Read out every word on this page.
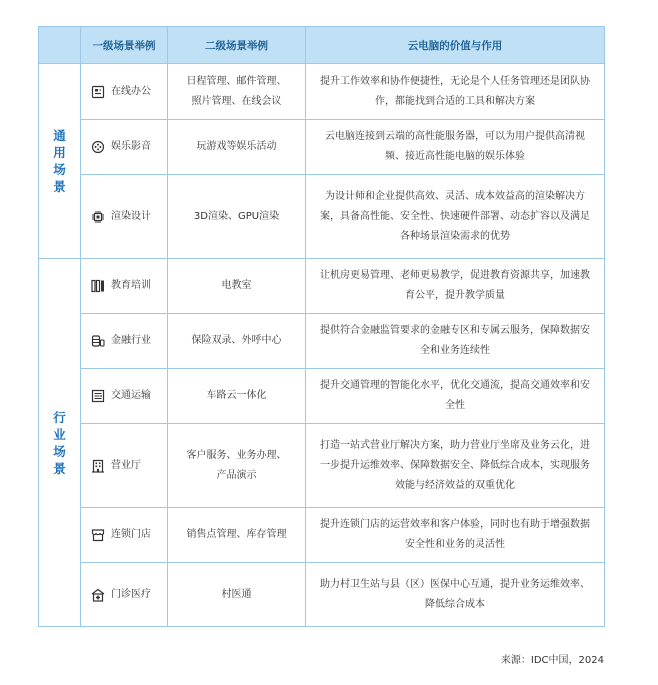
	一级场景举例	二级场景举例	云电脑的价值与作用
通用场景	在线办公	日程管理、邮件管理、照片管理、在线会议	提升工作效率和协作便捷性，无论是个人任务管理还是团队协作，都能找到合适的工具和解决方案

	娱乐影音	玩游戏等娱乐活动	云电脑连接到云端的高性能服务器，可以为用户提供高清视频、接近高性能电脑的娱乐体验

	渲染设计	3D渲染、GPU渲染	为设计师和企业提供高效、灵活、成本效益高的渲染解决方案，具备高性能、安全性、快速硬件部署、动态扩容以及满足各种场景渲染需求的优势
行业场景	教育培训	电教室	让机房更易管理、老师更易教学，促进教育资源共享，加速教育公平，提升教学质量

	金融行业	保险双录、外呼中心	提供符合金融监管要求的金融专区和专属云服务，保障数据安全和业务连续性

	交通运输	车路云一体化	提升交通管理的智能化水平，优化交通流，提高交通效率和安全性

	营业厅	客户服务、业务办理、产品演示	打造一站式营业厅解决方案，助力营业厅坐席及业务云化，进一步提升运维效率、保障数据安全、降低综合成本，实现服务效能与经济效益的双重优化

	连锁门店	销售点管理、库存管理	提升连锁门店的运营效率和客户体验，同时也有助于增强数据安全性和业务的灵活性

	门诊医疗	村医通	助力村卫生站与县（区）医保中心互通，提升业务运维效率、降低综合成本
来源：IDC中国，2024
